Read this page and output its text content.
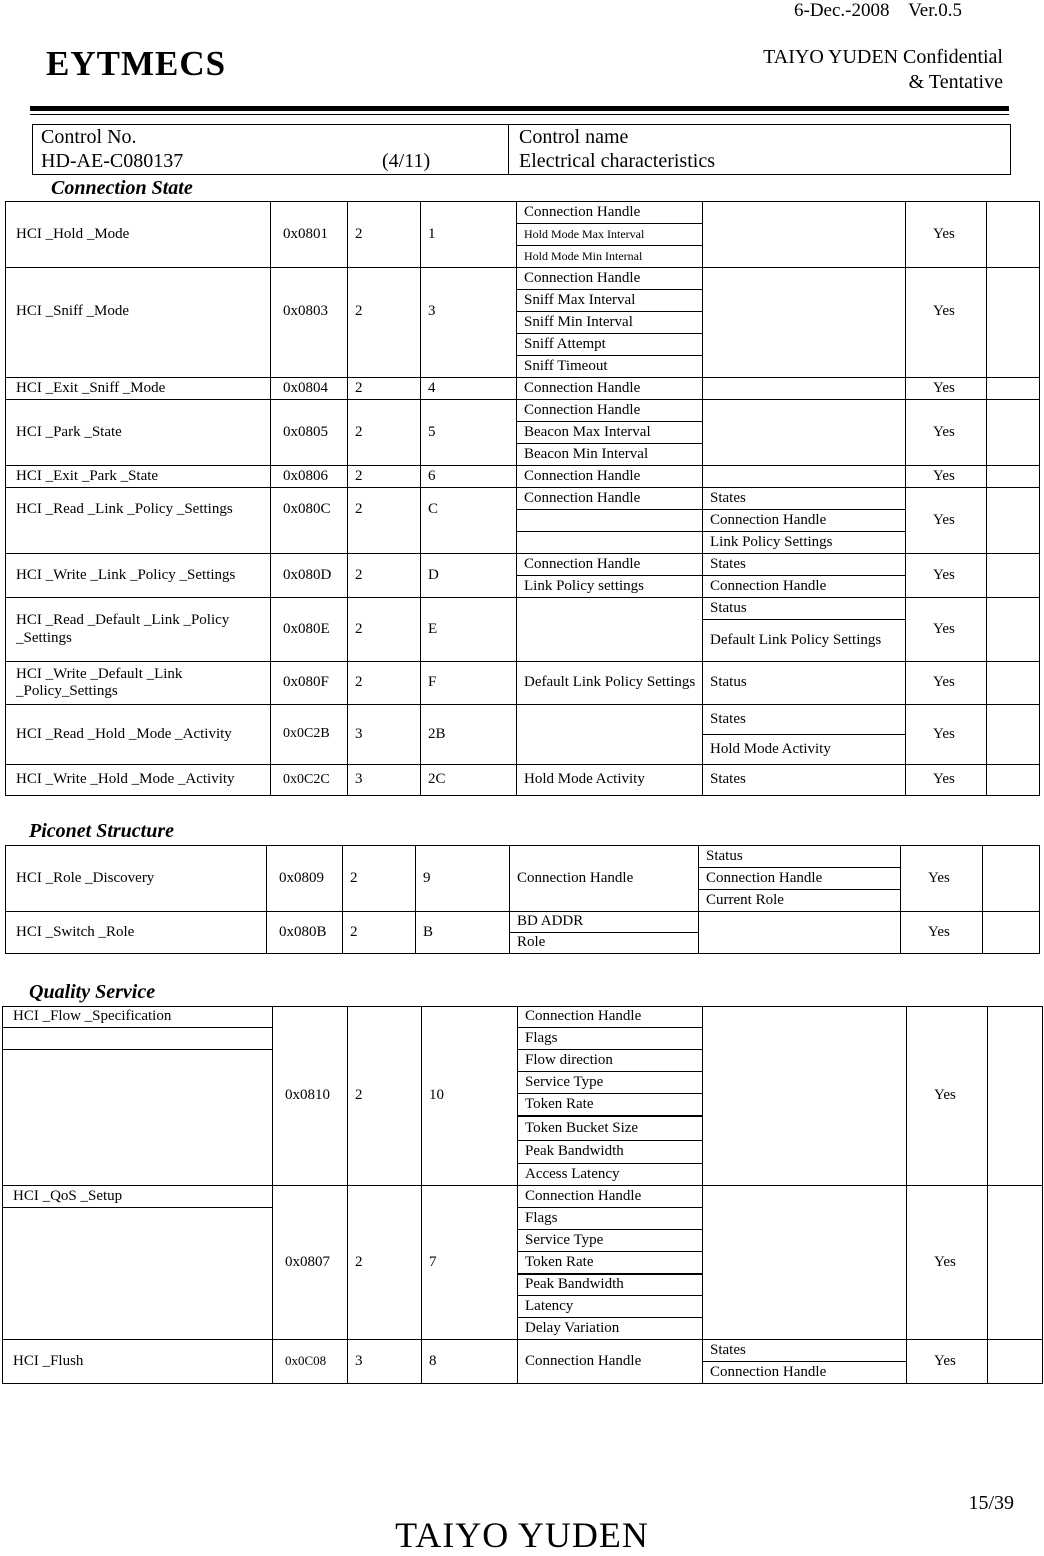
6-Dec.-2008    Ver.0.5
EYTMECS	TAIYO YUDEN Confidential
& Tentative
Control No.
HD-AE-C080137	(4/11)
Control name
Electrical characteristics
Connection State
HCI _Hold _Mode	0x0801	2	1	Connection Handle		Yes	
				Hold Mode Max Interval			
				Hold Mode Min Internal			
HCI _Sniff _Mode	0x0803	2	3	Connection Handle		Yes	
				Sniff Max Interval			
				Sniff Min Interval			
				Sniff Attempt			
				Sniff Timeout			
HCI _Exit _Sniff _Mode	0x0804	2	4	Connection Handle		Yes	
HCI _Park _State	0x0805	2	5	Connection Handle		Yes	
				Beacon Max Interval			
				Beacon Min Interval			
HCI _Exit _Park _State	0x0806	2	6	Connection Handle		Yes	
HCI _Read _Link _Policy _Settings	0x080C	2	C	Connection Handle	States	Yes	
					Connection Handle		
					Link Policy Settings		
HCI _Write _Link _Policy _Settings	0x080D	2	D	Connection Handle	States	Yes	
				Link Policy settings	Connection Handle		
HCI _Read _Default _Link _Policy _Settings	0x080E	2	E		Status	Yes	
					Default Link Policy Settings		
HCI _Write _Default _Link _Policy_Settings	0x080F	2	F	Default Link Policy Settings	Status	Yes	
HCI _Read _Hold _Mode _Activity	0x0C2B	3	2B		States	Yes	
					Hold Mode Activity		
HCI _Write _Hold _Mode _Activity	0x0C2C	3	2C	Hold Mode Activity	States	Yes	
Piconet Structure
HCI _Role _Discovery	0x0809	2	9	Connection Handle	Status	Yes	
					Connection Handle		
					Current Role		
HCI _Switch _Role	0x080B	2	B	BD ADDR		Yes	
				Role			
Quality Service
HCI _Flow _Specification	0x0810	2	10	Connection Handle		Yes	
				Flags			
				Flow direction			
				Service Type			
				Token Rate			
				Token Bucket Size			
				Peak Bandwidth			
				Access Latency			
HCI _QoS _Setup	0x0807	2	7	Connection Handle		Yes	
				Flags			
				Service Type			
				Token Rate			
				Peak Bandwidth			
				Latency			
				Delay Variation			
HCI _Flush	0x0C08	3	8	Connection Handle	States	Yes	
					Connection Handle		
15/39
TAIYO YUDEN
